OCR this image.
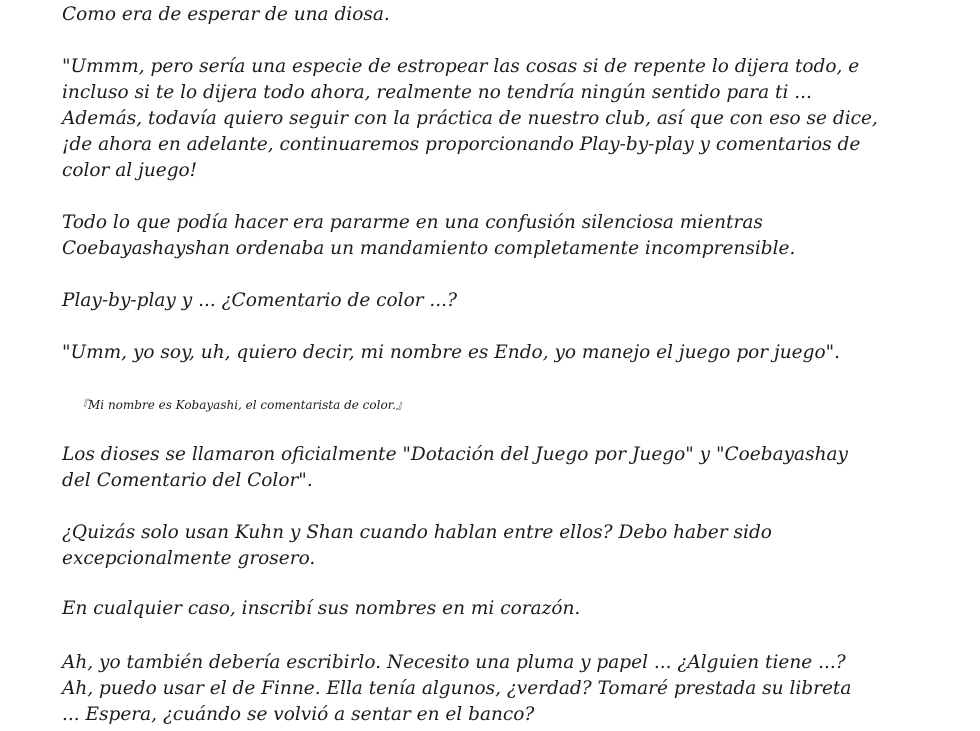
Como era de esperar de una diosa.

"Ummm, pero sería una especie de estropear las cosas si de repente lo dijera todo, e
incluso si te lo dijera todo ahora, realmente no tendría ningún sentido para ti ...
Además, todavía quiero seguir con la práctica de nuestro club, así que con eso se dice,
¡de ahora en adelante, continuaremos proporcionando Play-by-play y comentarios de
color al juego!

Todo lo que podía hacer era pararme en una confusión silenciosa mientras
Coebayashayshan ordenaba un mandamiento completamente incomprensible.

Play-by-play y ... ¿Comentario de color ...?

"Umm, yo soy, uh, quiero decir, mi nombre es Endo, yo manejo el juego por juego".

『Mi nombre es Kobayashi, el comentarista de color.』

Los dioses se llamaron oficialmente "Dotación del Juego por Juego" y "Coebayashay
del Comentario del Color".

¿Quizás solo usan Kuhn y Shan cuando hablan entre ellos? Debo haber sido
excepcionalmente grosero.

En cualquier caso, inscribí sus nombres en mi corazón.

Ah, yo también debería escribirlo. Necesito una pluma y papel ... ¿Alguien tiene ...?
Ah, puedo usar el de Finne. Ella tenía algunos, ¿verdad? Tomaré prestada su libreta
... Espera, ¿cuándo se volvió a sentar en el banco?
